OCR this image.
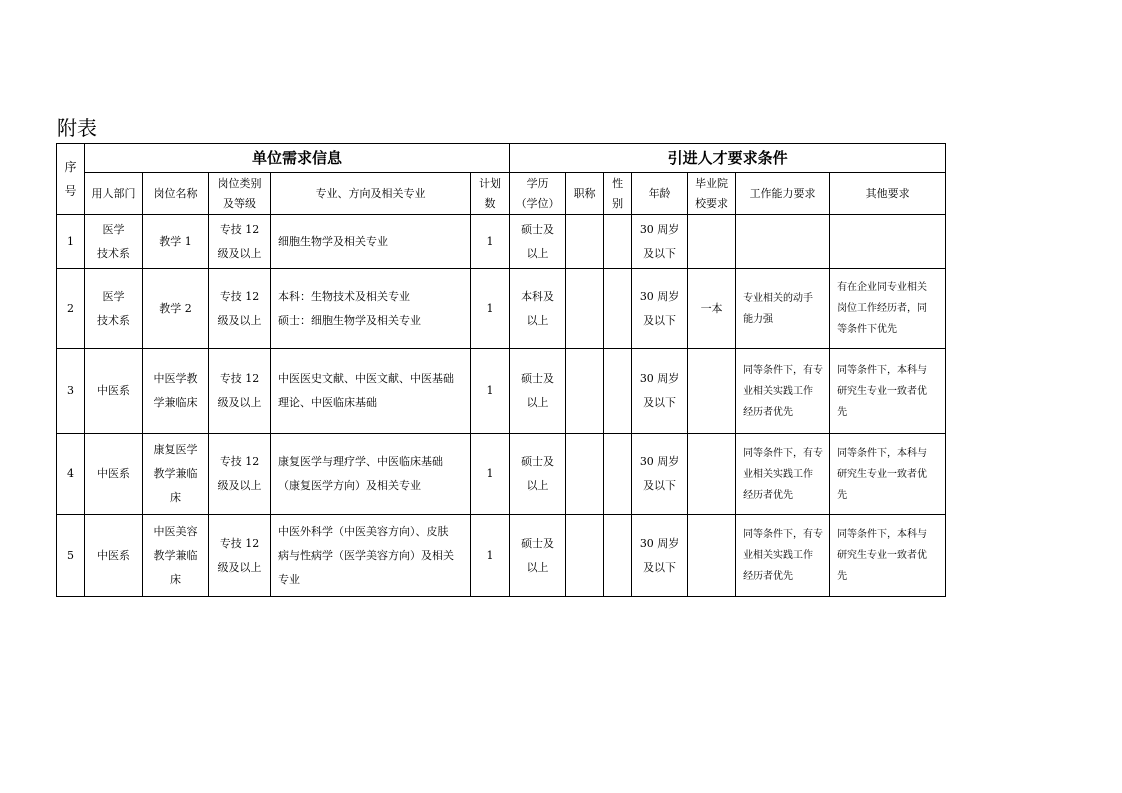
附表
序号	单位需求信息					引进人才要求条件						
	用人部门	岗位名称	岗位类别
及等级	专业、方向及相关专业	计划
数	学历
（学位）	职称	性
别	年龄	毕业院
校要求	工作能力要求	其他要求
1	医学
技术系	教学 1	专技 12
级及以上	细胞生物学及相关专业	1	硕士及
以上			30 周岁
及以下			

2	医学
技术系	教学 2	专技 12
级及以上	本科：生物技术及相关专业
硕士：细胞生物学及相关专业	1	本科及
以上			30 周岁
及以下	一本	专业相关的动手
能力强	有在企业同专业相关
岗位工作经历者，同
等条件下优先

3	中医系	中医学教
学兼临床	专技 12
级及以上	中医医史文献、中医文献、中医基础
理论、中医临床基础	1	硕士及
以上			30 周岁
及以下		同等条件下，有专
业相关实践工作
经历者优先	同等条件下，本科与
研究生专业一致者优
先

4	中医系	康复医学
教学兼临
床	专技 12
级及以上	康复医学与理疗学、中医临床基础
（康复医学方向）及相关专业	1	硕士及
以上			30 周岁
及以下		同等条件下，有专
业相关实践工作
经历者优先	同等条件下，本科与
研究生专业一致者优
先

5	中医系	中医美容
教学兼临
床	专技 12
级及以上	中医外科学（中医美容方向）、皮肤
病与性病学（医学美容方向）及相关
专业	1	硕士及
以上			30 周岁
及以下		同等条件下，有专
业相关实践工作
经历者优先	同等条件下，本科与
研究生专业一致者优
先
